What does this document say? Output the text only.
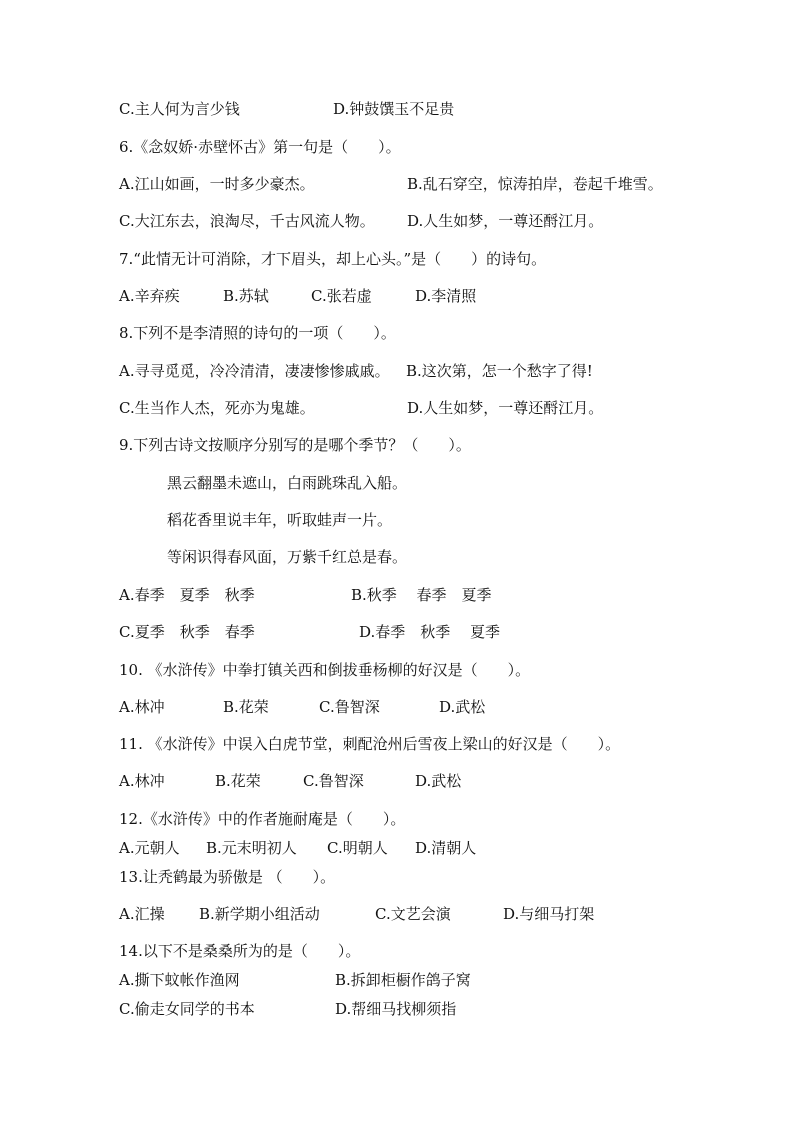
C.主人何为言少钱	D.钟鼓馔玉不足贵
6.《念奴娇·赤壁怀古》第一句是（　　）。
A.江山如画，一时多少豪杰。	B.乱石穿空，惊涛拍岸，卷起千堆雪。
C.大江东去，浪淘尽，千古风流人物。 D.人生如梦，一尊还酹江月。
7.“此情无计可消除，才下眉头，却上心头。”是（　　）的诗句。
A.辛弃疾	B.苏轼	C.张若虚	D.李清照
8.下列不是李清照的诗句的一项（　　）。
A.寻寻觅觅，冷冷清清，凄凄惨惨戚戚。 B.这次第，怎一个愁字了得!
C.生当作人杰，死亦为鬼雄。	D.人生如梦，一尊还酹江月。
9.下列古诗文按顺序分别写的是哪个季节？（　　）。
黑云翻墨未遮山，白雨跳珠乱入船。
稻花香里说丰年，听取蛙声一片。
等闲识得春风面，万紫千红总是春。
A.春季　夏季　秋季	B.秋季　 春季　夏季
C.夏季　秋季　春季	D.春季　秋季　 夏季
10. 《水浒传》中拳打镇关西和倒拔垂杨柳的好汉是（　　）。
A.林冲	B.花荣	C.鲁智深	D.武松
11. 《水浒传》中误入白虎节堂，刺配沧州后雪夜上梁山的好汉是（　　）。
A.林冲	B.花荣	C.鲁智深	D.武松
12.《水浒传》中的作者施耐庵是（　　）。
A.元朝人 B.元末明初人 C.明朝人 D.清朝人
13.让秃鹤最为骄傲是 （　　）。
A.汇操 B.新学期小组活动	C.文艺会演	D.与细马打架
14.以下不是桑桑所为的是（　　）。
A.撕下蚊帐作渔网	B.拆卸柜橱作鸽子窝
C.偷走女同学的书本	D.帮细马找柳须指
